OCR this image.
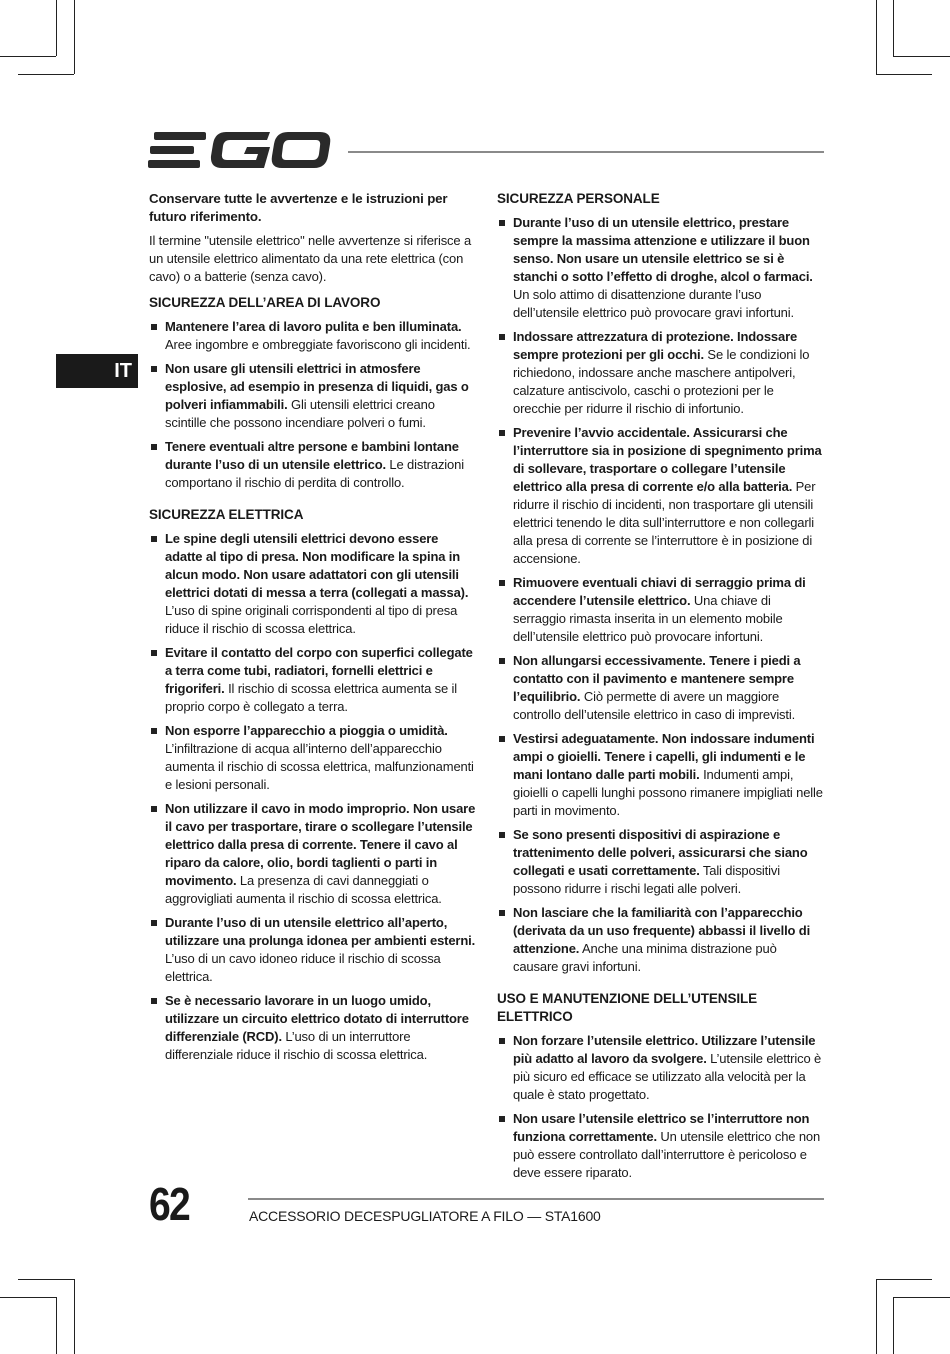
IT

Conservare tutte le avvertenze e le istruzioni per futuro riferimento.

Il termine "utensile elettrico" nelle avvertenze si riferisce a un utensile elettrico alimentato da una rete elettrica (con cavo) o a batterie (senza cavo).

SICUREZZA DELL’AREA DI LAVORO
Mantenere l’area di lavoro pulita e ben illuminata. Aree ingombre e ombreggiate favoriscono gli incidenti.
Non usare gli utensili elettrici in atmosfere esplosive, ad esempio in presenza di liquidi, gas o polveri infiammabili. Gli utensili elettrici creano scintille che possono incendiare polveri o fumi.
Tenere eventuali altre persone e bambini lontane durante l’uso di un utensile elettrico. Le distrazioni comportano il rischio di perdita di controllo.
SICUREZZA ELETTRICA
Le spine degli utensili elettrici devono essere adatte al tipo di presa. Non modificare la spina in alcun modo. Non usare adattatori con gli utensili elettrici dotati di messa a terra (collegati a massa). L’uso di spine originali corrispondenti al tipo di presa riduce il rischio di scossa elettrica.
Evitare il contatto del corpo con superfici collegate a terra come tubi, radiatori, fornelli elettrici e frigoriferi. Il rischio di scossa elettrica aumenta se il proprio corpo è collegato a terra.
Non esporre l’apparecchio a pioggia o umidità. L’infiltrazione di acqua all’interno dell’apparecchio aumenta il rischio di scossa elettrica, malfunzionamenti e lesioni personali.
Non utilizzare il cavo in modo improprio. Non usare il cavo per trasportare, tirare o scollegare l’utensile elettrico dalla presa di corrente. Tenere il cavo al riparo da calore, olio, bordi taglienti o parti in movimento. La presenza di cavi danneggiati o aggrovigliati aumenta il rischio di scossa elettrica.
Durante l’uso di un utensile elettrico all’aperto, utilizzare una prolunga idonea per ambienti esterni. L’uso di un cavo idoneo riduce il rischio di scossa elettrica.
Se è necessario lavorare in un luogo umido, utilizzare un circuito elettrico dotato di interruttore differenziale (RCD). L’uso di un interruttore differenziale riduce il rischio di scossa elettrica.
SICUREZZA PERSONALE
Durante l’uso di un utensile elettrico, prestare sempre la massima attenzione e utilizzare il buon senso. Non usare un utensile elettrico se si è stanchi o sotto l’effetto di droghe, alcol o farmaci. Un solo attimo di disattenzione durante l’uso dell’utensile elettrico può provocare gravi infortuni.
Indossare attrezzatura di protezione. Indossare sempre protezioni per gli occhi. Se le condizioni lo richiedono, indossare anche maschere antipolveri, calzature antiscivolo, caschi o protezioni per le orecchie per ridurre il rischio di infortunio.
Prevenire l’avvio accidentale. Assicurarsi che l’interruttore sia in posizione di spegnimento prima di sollevare, trasportare o collegare l’utensile elettrico alla presa di corrente e/o alla batteria. Per ridurre il rischio di incidenti, non trasportare gli utensili elettrici tenendo le dita sull’interruttore e non collegarli alla presa di corrente se l’interruttore è in posizione di accensione.
Rimuovere eventuali chiavi di serraggio prima di accendere l’utensile elettrico. Una chiave di serraggio rimasta inserita in un elemento mobile dell’utensile elettrico può provocare infortuni.
Non allungarsi eccessivamente. Tenere i piedi a contatto con il pavimento e mantenere sempre l’equilibrio. Ciò permette di avere un maggiore controllo dell’utensile elettrico in caso di imprevisti.
Vestirsi adeguatamente. Non indossare indumenti ampi o gioielli. Tenere i capelli, gli indumenti e le mani lontano dalle parti mobili. Indumenti ampi, gioielli o capelli lunghi possono rimanere impigliati nelle parti in movimento.
Se sono presenti dispositivi di aspirazione e trattenimento delle polveri, assicurarsi che siano collegati e usati correttamente. Tali dispositivi possono ridurre i rischi legati alle polveri.
Non lasciare che la familiarità con l’apparecchio (derivata da un uso frequente) abbassi il livello di attenzione. Anche una minima distrazione può causare gravi infortuni.
USO E MANUTENZIONE DELL’UTENSILE ELETTRICO
Non forzare l’utensile elettrico. Utilizzare l’utensile più adatto al lavoro da svolgere. L’utensile elettrico è più sicuro ed efficace se utilizzato alla velocità per la quale è stato progettato.
Non usare l’utensile elettrico se l’interruttore non funziona correttamente. Un utensile elettrico che non può essere controllato dall’interruttore è pericoloso e deve essere riparato.
62	ACCESSORIO DECESPUGLIATORE A FILO — STA1600
